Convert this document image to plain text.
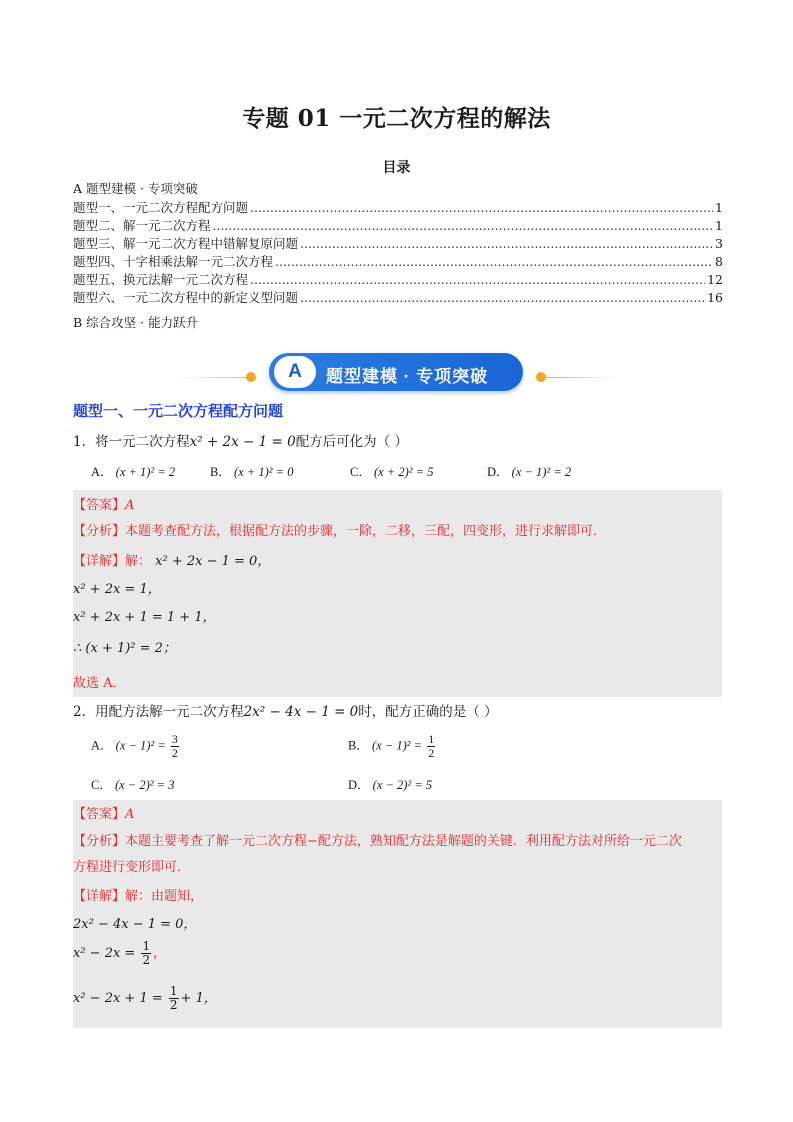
专题 01 一元二次方程的解法
目录
A 题型建模 · 专项突破
题型一、一元二次方程配方问题 .....	1
题型二、解一元二次方程 .....	1
题型三、解一元二次方程中错解复原问题 .....	3
题型四、十字相乘法解一元二次方程 .....	8
题型五、换元法解一元二次方程 .....	12
题型六、一元二次方程中的新定义型问题 .....	16
B 综合攻坚 · 能力跃升
A	题型建模 · 专项突破
题型一、一元二次方程配方问题
1．将一元二次方程x² + 2x − 1 = 0配方后可化为（ ）
A． (x + 1)² = 2	B． (x + 1)² = 0	C． (x + 2)² = 5	D． (x − 1)² = 2
【答案】A
【分析】本题考查配方法，根据配方法的步骤，一除，二移，三配，四变形，进行求解即可．
【详解】解： x² + 2x − 1 = 0，
x² + 2x = 1，
x² + 2x + 1 = 1 + 1，
∴ (x + 1)² = 2；
故选 A．
2．用配方法解一元二次方程2x² − 4x − 1 = 0时，配方正确的是（ ）
A． $(x - 1)^2 = \frac{3}{2}$	B． $(x - 1)^2 = \frac{1}{2}$
C． (x − 2)² = 3	D． (x − 2)² = 5
【答案】A
【分析】本题主要考查了解一元二次方程−配方法，熟知配方法是解题的关键．利用配方法对所给一元二次
方程进行变形即可．
【详解】解：由题知，
2x² − 4x − 1 = 0，
$x^2 - 2x = \frac{1}{2}$ ，
$x^2 - 2x + 1 = \frac{1}{2} + 1$，
